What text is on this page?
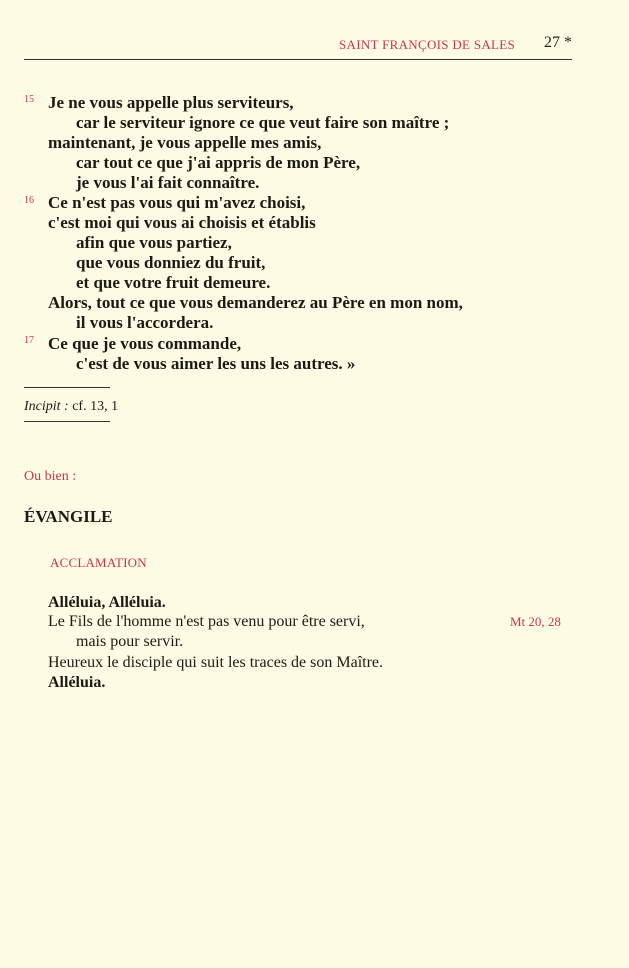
SAINT FRANÇOIS DE SALES 27 *
15 Je ne vous appelle plus serviteurs,
car le serviteur ignore ce que veut faire son maître ;
maintenant, je vous appelle mes amis,
car tout ce que j'ai appris de mon Père,
je vous l'ai fait connaître.
16 Ce n'est pas vous qui m'avez choisi,
c'est moi qui vous ai choisis et établis
afin que vous partiez,
que vous donniez du fruit,
et que votre fruit demeure.
Alors, tout ce que vous demanderez au Père en mon nom,
il vous l'accordera.
17 Ce que je vous commande,
c'est de vous aimer les uns les autres. »
Incipit : cf. 13, 1
Ou bien :
ÉVANGILE
ACCLAMATION
Alléluia, Alléluia.
Le Fils de l'homme n'est pas venu pour être servi,	Mt 20, 28
mais pour servir.
Heureux le disciple qui suit les traces de son Maître.
Alléluia.
